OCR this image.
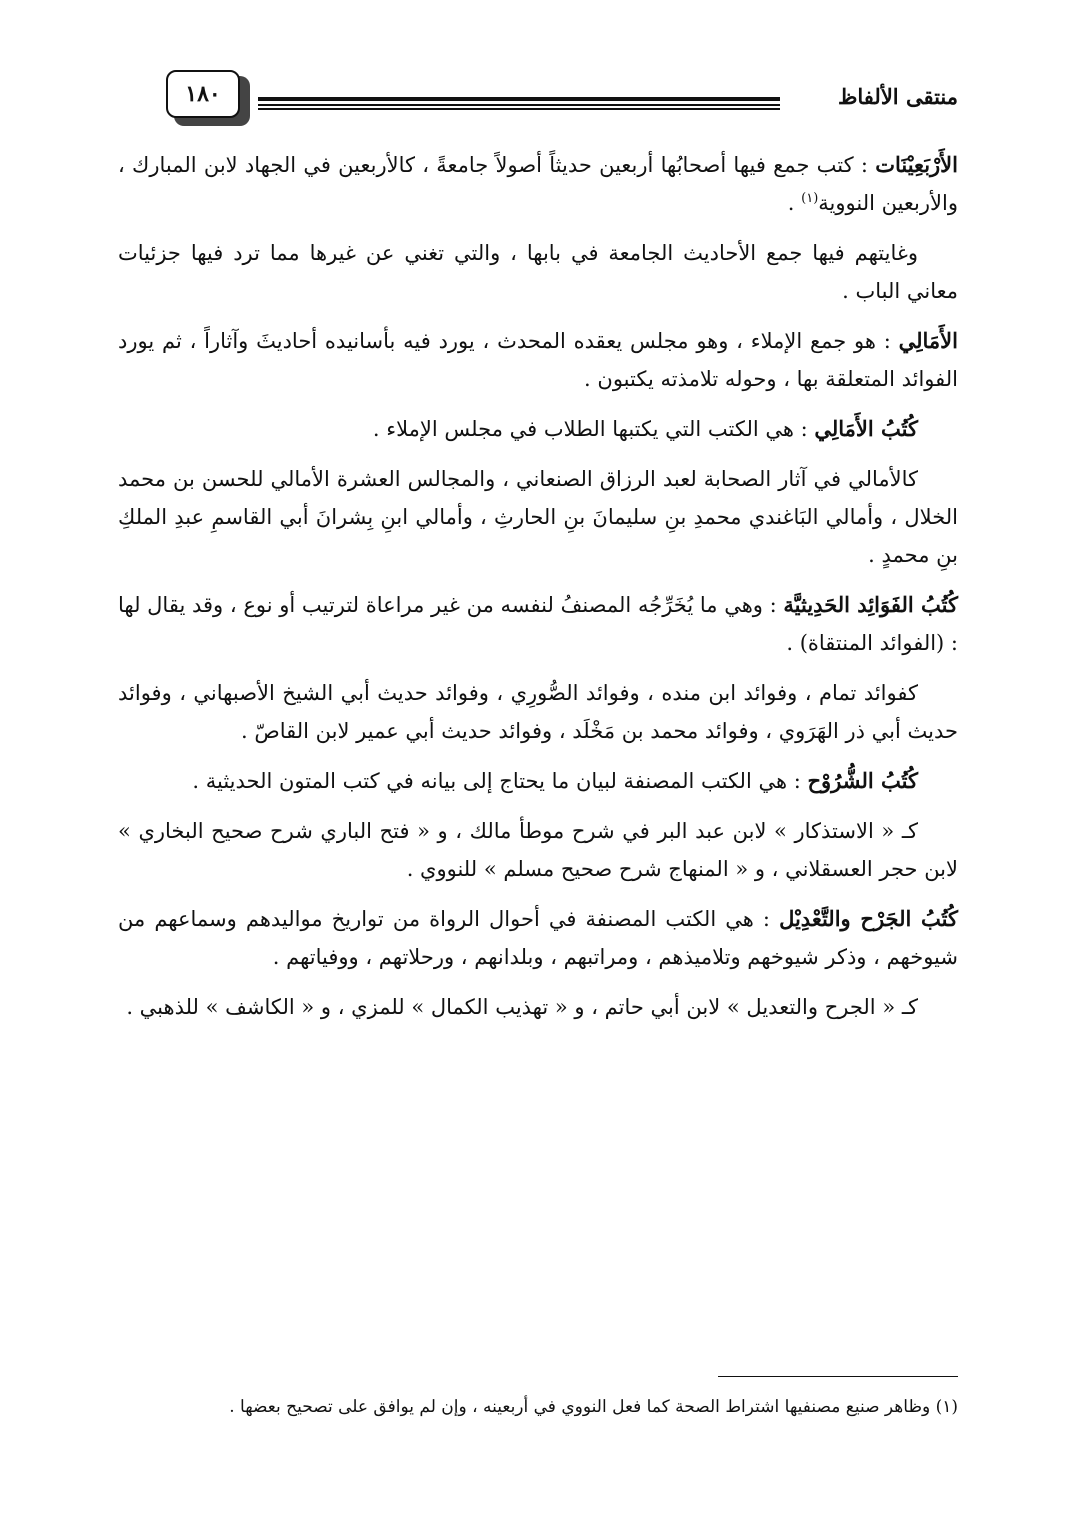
١٨٠	منتقى الألفاظ

الأَرْبَعِيْنَات : كتب جمع فيها أصحابُها أربعين حديثاً أصولاً جامعةً ، كالأربعين في الجهاد لابن المبارك ، والأربعين النووية$^{(١)}$ .

وغايتهم فيها جمع الأحاديث الجامعة في بابها ، والتي تغني عن غيرها مما ترد فيها جزئيات معاني الباب .

الأَمَالِي : هو جمع الإملاء ، وهو مجلس يعقده المحدث ، يورد فيه بأسانيده أحاديثَ وآثاراً ، ثم يورد الفوائد المتعلقة بها ، وحوله تلامذته يكتبون .

كُتُبُ الأَمَالِي : هي الكتب التي يكتبها الطلاب في مجلس الإملاء .

كالأمالي في آثار الصحابة لعبد الرزاق الصنعاني ، والمجالس العشرة الأمالي للحسن بن محمد الخلال ، وأمالي البَاغندي محمدِ بنِ سليمانَ بنِ الحارثِ ، وأمالي ابنِ بِشرانَ أبي القاسمِ عبدِ الملكِ بنِ محمدٍ .

كُتُبُ الفَوَائِد الحَدِيثيَّة : وهي ما يُخَرِّجُه المصنفُ لنفسه من غير مراعاة لترتيب أو نوع ، وقد يقال لها : (الفوائد المنتقاة) .

كفوائد تمام ، وفوائد ابن منده ، وفوائد الصُّورِي ، وفوائد حديث أبي الشيخ الأصبهاني ، وفوائد حديث أبي ذر الهَرَوي ، وفوائد محمد بن مَخْلَد ، وفوائد حديث أبي عمير لابن القاصّ .

كُتُبُ الشُّرُوْح : هي الكتب المصنفة لبيان ما يحتاج إلى بيانه في كتب المتون الحديثية .

كـ « الاستذكار » لابن عبد البر في شرح موطأ مالك ، و « فتح الباري شرح صحيح البخاري » لابن حجر العسقلاني ، و « المنهاج شرح صحيح مسلم » للنووي .

كُتُبُ الجَرْح والتَّعْدِيْل : هي الكتب المصنفة في أحوال الرواة من تواريخ مواليدهم وسماعهم من شيوخهم ، وذكر شيوخهم وتلاميذهم ، ومراتبهم ، وبلدانهم ، ورحلاتهم ، ووفياتهم .

كـ « الجرح والتعديل » لابن أبي حاتم ، و « تهذيب الكمال » للمزي ، و « الكاشف » للذهبي .

(١) وظاهر صنيع مصنفيها اشتراط الصحة كما فعل النووي في أربعينه ، وإن لم يوافق على تصحيح بعضها .
